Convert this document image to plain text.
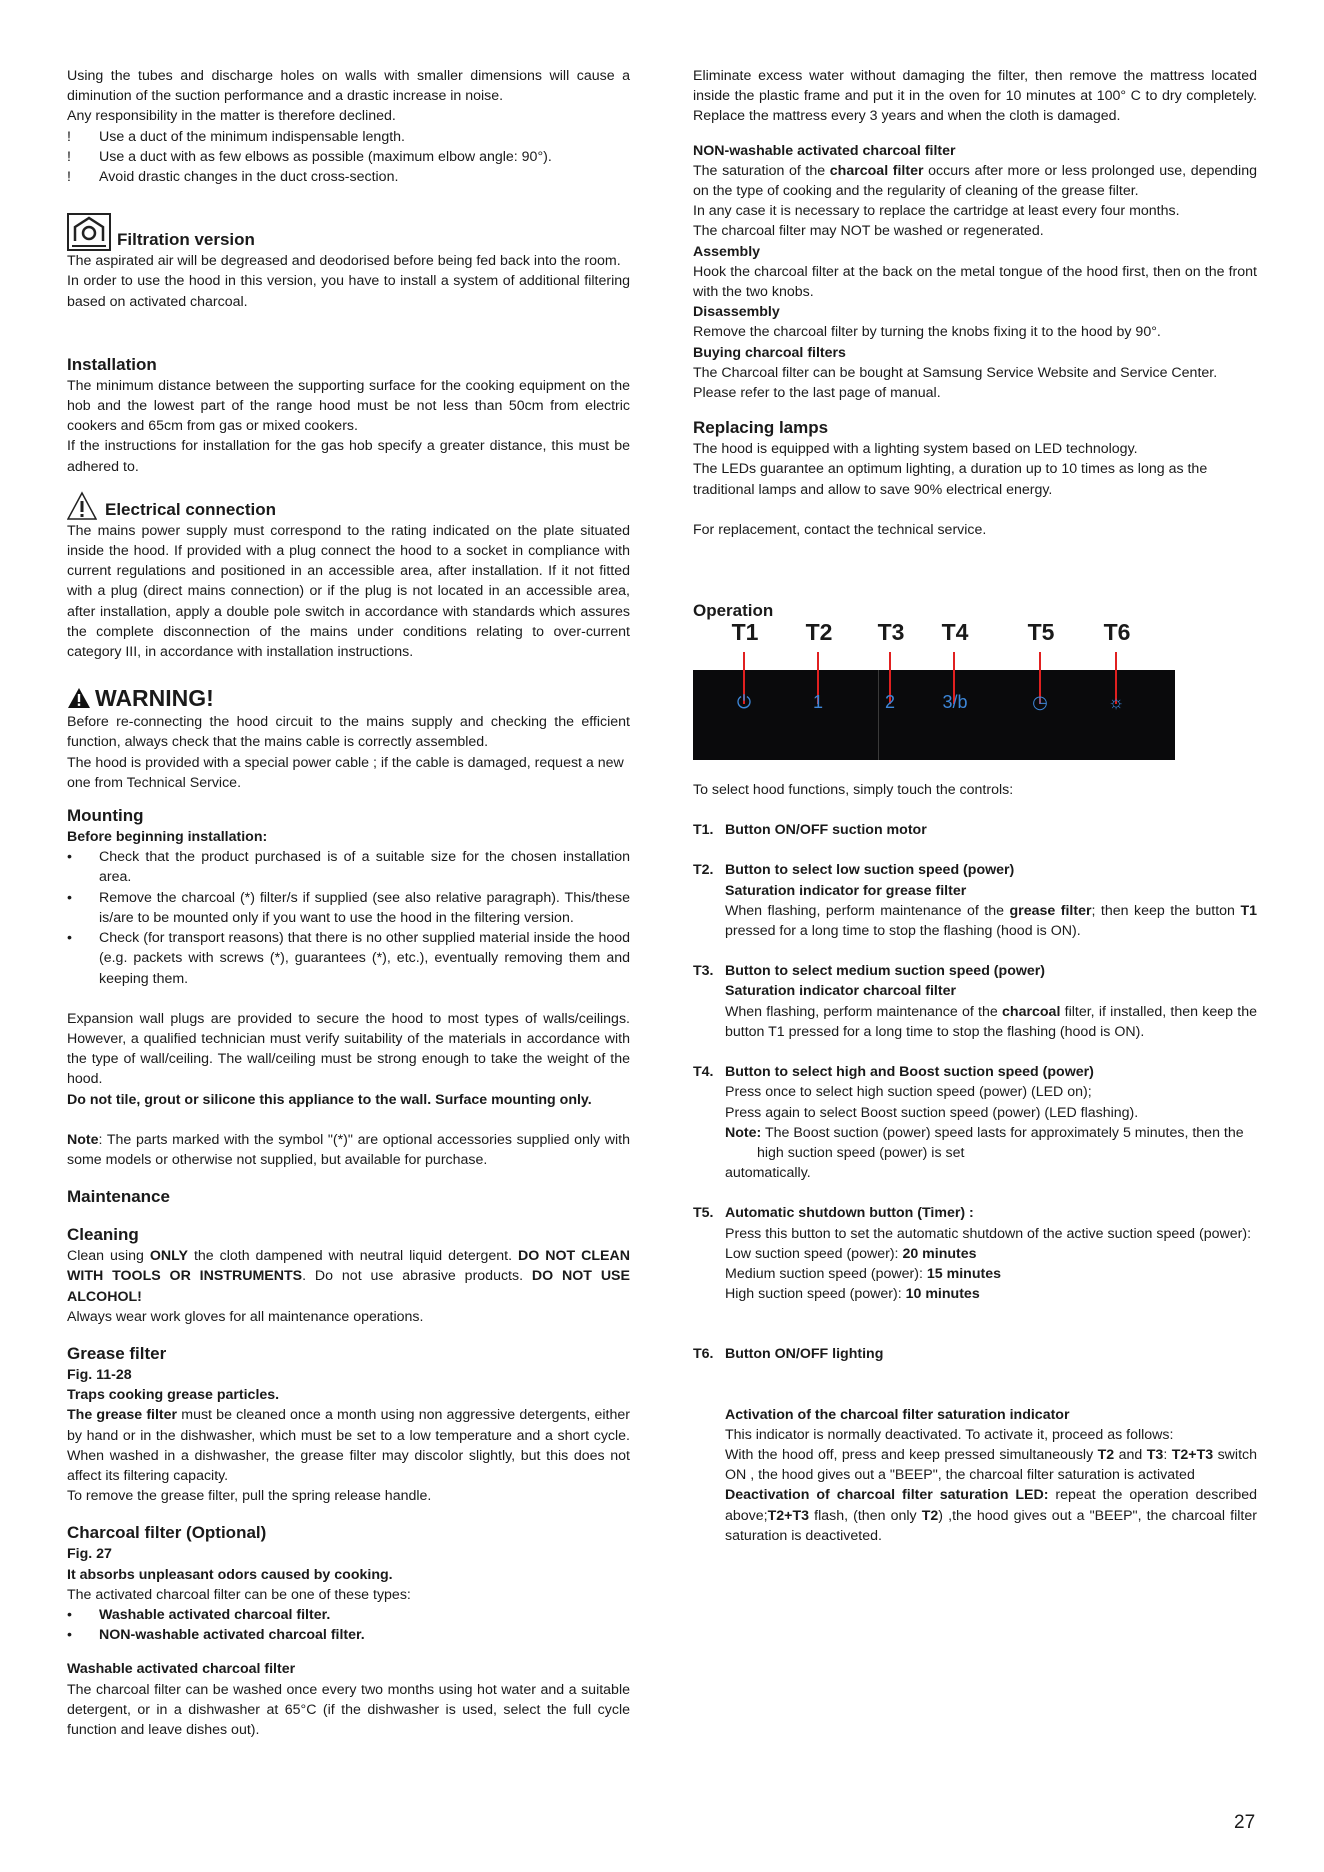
Using the tubes and discharge holes on walls with smaller dimensions will cause a diminution of the suction performance and a drastic increase in noise.

Any responsibility in the matter is therefore declined.

!	Use a duct of the minimum indispensable length.
!	Use a duct with as few elbows as possible (maximum elbow angle: 90°).
!	Avoid drastic changes in the duct cross-section.
Filtration version

The aspirated air will be degreased and deodorised before being fed back into the room.

In order to use the hood in this version, you have to install a system of additional filtering based on activated charcoal.

Installation

The minimum distance between the supporting surface for the cooking equipment on the hob and the lowest part of the range hood must be not less than 50cm from electric cookers and 65cm from gas or mixed cookers.

If the instructions for installation for the gas hob specify a greater distance, this must be adhered to.

Electrical connection

The mains power supply must correspond to the rating indicated on the plate situated inside the hood. If provided with a plug connect the hood to a socket in compliance with current regulations and positioned in an accessible area, after installation. If it not fitted with a plug (direct mains connection) or if the plug is not located in an accessible area, after installation, apply a double pole switch in accordance with standards which assures the complete disconnection of the mains under conditions relating to over-current category III, in accordance with installation instructions.

WARNING!

Before re-connecting the hood circuit to the mains supply and checking the efficient function, always check that the mains cable is correctly assembled.

The hood is provided with a special power cable ; if the cable is damaged, request a new one from Technical Service.

Mounting

Before beginning installation:

•	Check that the product purchased is of a suitable size for the chosen installation area.
•	Remove the charcoal (*) filter/s if supplied (see also relative paragraph). This/these is/are to be mounted only if you want to use the hood in the filtering version.
•	Check (for transport reasons) that there is no other supplied material inside the hood (e.g. packets with screws (*), guarantees (*), etc.), eventually removing them and keeping them.

Expansion wall plugs are provided to secure the hood to most types of walls/ceilings. However, a qualified technician must verify suitability of the materials in accordance with the type of wall/ceiling. The wall/ceiling must be strong enough to take the weight of the hood.

Do not tile, grout or silicone this appliance to the wall. Surface mounting only.

Note: The parts marked with the symbol "(*)" are optional accessories supplied only with some models or otherwise not supplied, but available for purchase.

Maintenance
Cleaning

Clean using ONLY the cloth dampened with neutral liquid detergent. DO NOT CLEAN WITH TOOLS OR INSTRUMENTS. Do not use abrasive products. DO NOT USE ALCOHOL!

Always wear work gloves for all maintenance operations.

Grease filter

Fig. 11-28

Traps cooking grease particles.

The grease filter must be cleaned once a month using non aggressive detergents, either by hand or in the dishwasher, which must be set to a low temperature and a short cycle. When washed in a dishwasher, the grease filter may discolor slightly, but this does not affect its filtering capacity.

To remove the grease filter, pull the spring release handle.

Charcoal filter (Optional)

Fig. 27

It absorbs unpleasant odors caused by cooking.

The activated charcoal filter can be one of these types:

•	Washable activated charcoal filter.
•	NON-washable activated charcoal filter.

Washable activated charcoal filter

The charcoal filter can be washed once every two months using hot water and a suitable detergent, or in a dishwasher at 65°C (if the dishwasher is used, select the full cycle function and leave dishes out).

Eliminate excess water without damaging the filter, then remove the mattress located inside the plastic frame and put it in the oven for 10 minutes at 100° C to dry completely. Replace the mattress every 3 years and when the cloth is damaged.

NON-washable activated charcoal filter

The saturation of the charcoal filter occurs after more or less prolonged use, depending on the type of cooking and the regularity of cleaning of the grease filter.

In any case it is necessary to replace the cartridge at least every four months.

The charcoal filter may NOT be washed or regenerated.

Assembly

Hook the charcoal filter at the back on the metal tongue of the hood first, then on the front with the two knobs.

Disassembly

Remove the charcoal filter by turning the knobs fixing it to the hood by 90°.

Buying charcoal filters

The Charcoal filter can be bought at Samsung Service Website and Service Center.

Please refer to the last page of manual.

Replacing lamps

The hood is equipped with a lighting system based on LED technology.

The LEDs guarantee an optimum lighting, a duration up to 10 times as long as the traditional lamps and allow to save 90% electrical energy.

For replacement, contact the technical service.

Operation
T1 T2 T3 T4	T5 T6
⏻	1	2	3/b	◷	☼

To select hood functions, simply touch the controls:

T1. Button ON/OFF suction motor

T2. Button to select low suction speed (power)

Saturation indicator for grease filter

When flashing, perform maintenance of the grease filter; then keep the button T1 pressed for a long time to stop the flashing (hood is ON).

T3. Button to select medium suction speed (power)

Saturation indicator charcoal filter

When flashing, perform maintenance of the charcoal filter, if installed, then keep the button T1 pressed for a long time to stop the flashing (hood is ON).

T4. Button to select high and Boost suction speed (power)

Press once to select high suction speed (power) (LED on);

Press again to select Boost suction speed (power) (LED flashing).

Note: The Boost suction (power) speed lasts for approximately 5 minutes, then the

high suction speed (power) is set

automatically.

T5. Automatic shutdown button (Timer) :

Press this button to set the automatic shutdown of the active suction speed (power):

Low suction speed (power): 20 minutes

Medium suction speed (power): 15 minutes

High suction speed (power): 10 minutes

T6. Button ON/OFF lighting

Activation of the charcoal filter saturation indicator

This indicator is normally deactivated. To activate it, proceed as follows:

With the hood off, press and keep pressed simultaneously T2 and T3: T2+T3 switch ON , the hood gives out a "BEEP", the charcoal filter saturation is activated

Deactivation of charcoal filter saturation LED: repeat the operation described above;T2+T3 flash, (then only T2) ,the hood gives out a "BEEP", the charcoal filter saturation is deactiveted.

27
